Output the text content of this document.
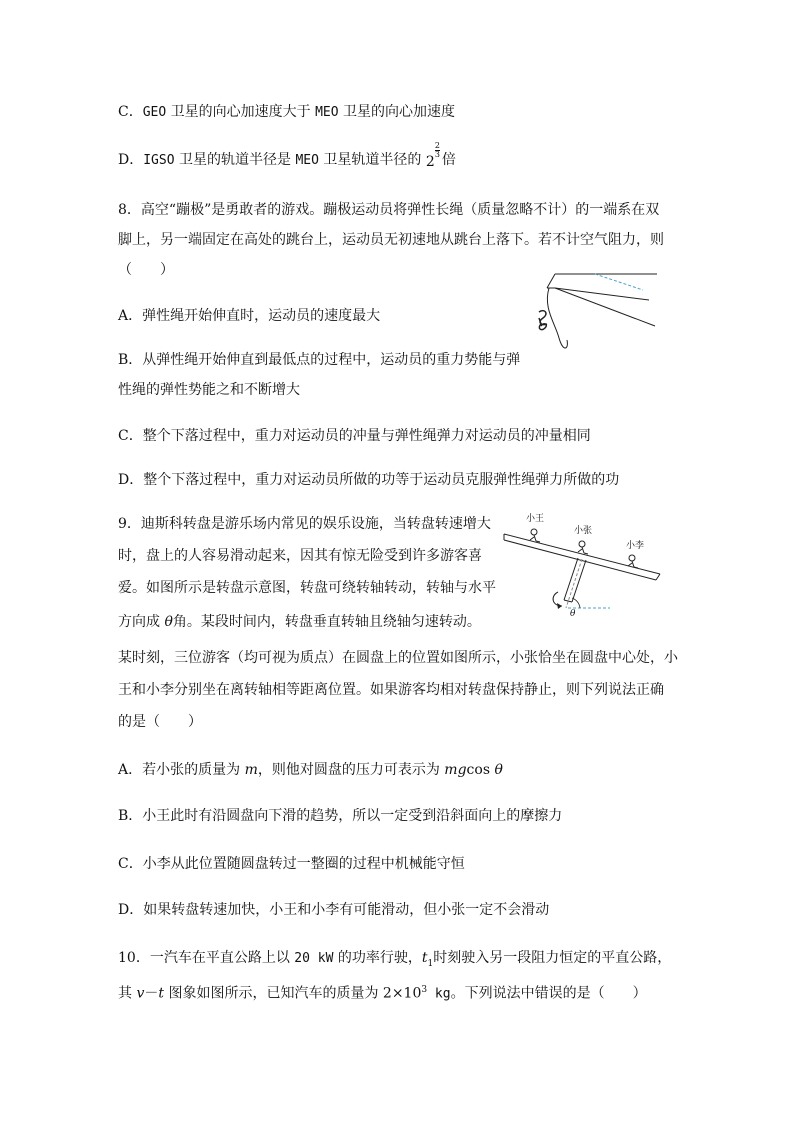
C．GEO 卫星的向心加速度大于 MEO 卫星的向心加速度
D．IGSO 卫星的轨道半径是 MEO 卫星轨道半径的 2
2
3 倍
8．高空“蹦极”是勇敢者的游戏。蹦极运动员将弹性长绳（质量忽略不计）的一端系在双
脚上，另一端固定在高处的跳台上，运动员无初速地从跳台上落下。若不计空气阻力，则
（　　）
A．弹性绳开始伸直时，运动员的速度最大
B．从弹性绳开始伸直到最低点的过程中，运动员的重力势能与弹
性绳的弹性势能之和不断增大
C．整个下落过程中，重力对运动员的冲量与弹性绳弹力对运动员的冲量相同
D．整个下落过程中，重力对运动员所做的功等于运动员克服弹性绳弹力所做的功
9．迪斯科转盘是游乐场内常见的娱乐设施，当转盘转速增大
时，盘上的人容易滑动起来，因其有惊无险受到许多游客喜
爱。如图所示是转盘示意图，转盘可绕转轴转动，转轴与水平
方向成 θ角。某段时间内，转盘垂直转轴且绕轴匀速转动。
某时刻，三位游客（均可视为质点）在圆盘上的位置如图所示，小张恰坐在圆盘中心处，小
王和小李分别坐在离转轴相等距离位置。如果游客均相对转盘保持静止，则下列说法正确
的是（　　）
A．若小张的质量为 m，则他对圆盘的压力可表示为 mgcos θ
B．小王此时有沿圆盘向下滑的趋势，所以一定受到沿斜面向上的摩擦力
C．小李从此位置随圆盘转过一整圈的过程中机械能守恒
D．如果转盘转速加快，小王和小李有可能滑动，但小张一定不会滑动
θ
小王
小张
小李
10．一汽车在平直公路上以 20 kW 的功率行驶，$t_1$时刻驶入另一段阻力恒定的平直公路，
其 v－t 图象如图所示，已知汽车的质量为 $2\times 10^3$ kg。下列说法中错误的是（　　）
